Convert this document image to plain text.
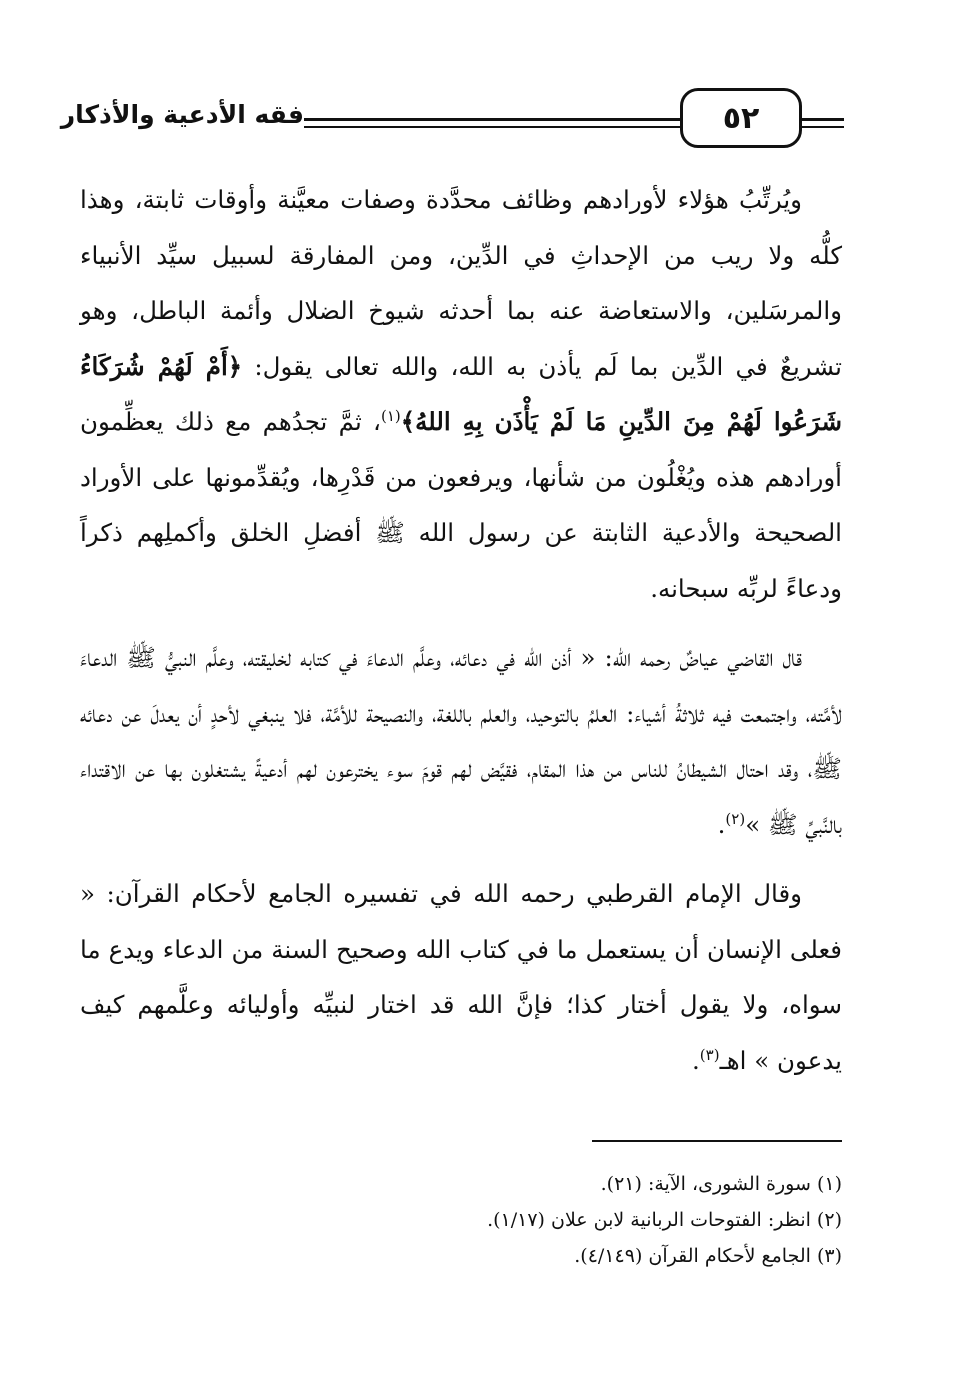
فقه الأدعية والأذكار	٥٢

ويُرتِّبُ هؤلاء لأورادهم وظائف محدَّدة وصفات معيَّنة وأوقات ثابتة، وهذا كلُّه ولا ريب من الإحداثِ في الدِّين، ومن المفارقة لسبيل سيِّد الأنبياء والمرسَلين، والاستعاضة عنه بما أحدثه شيوخ الضلال وأئمة الباطل، وهو تشريعٌ في الدِّين بما لَم يأذن به الله، والله تعالى يقول: ﴿أَمْ لَهُمْ شُرَكَاءُ شَرَعُوا لَهُمْ مِنَ الدِّينِ مَا لَمْ يَأْذَن بِهِ اللهُ﴾$^{(١)}$، ثمَّ تجدُهم مع ذلك يعظِّمون أورادهم هذه ويُغْلُون من شأنها، ويرفعون من قَدْرِها، ويُقدِّمونها على الأوراد الصحيحة والأدعية الثابتة عن رسول الله ﷺ أفضلِ الخلق وأكملِهم ذكراً ودعاءً لربِّه سبحانه.

قال القاضي عياضٌ رحمه الله: « أذن الله في دعائه، وعلَّم الدعاءَ في كتابه لخليقته، وعلَّم النبيُّ ﷺ الدعاءَ لأمَّته، واجتمعت فيه ثلاثةُ أشياء: العلمُ بالتوحيد، والعلم باللغة، والنصيحة للأمَّة، فلا ينبغي لأحدٍ أن يعدلَ عن دعائه ﷺ، وقد احتال الشيطانُ للناس من هذا المقام، فقيَّض لهم قومَ سوء يخترعون لهم أدعيةً يشتغلون بها عن الاقتداء بالنَّبيِّ ﷺ »$^{(٢)}$.

وقال الإمام القرطبي رحمه الله في تفسيره الجامع لأحكام القرآن: « فعلى الإنسان أن يستعمل ما في كتاب الله وصحيح السنة من الدعاء ويدع ما سواه، ولا يقول أختار كذا؛ فإنَّ الله قد اختار لنبيِّه وأوليائه وعلَّمهم كيف يدعون » اهـ$^{(٣)}$.

(١) سورة الشورى، الآية: (٢١).
(٢) انظر: الفتوحات الربانية لابن علان (١/١٧).
(٣) الجامع لأحكام القرآن (٤/١٤٩).
